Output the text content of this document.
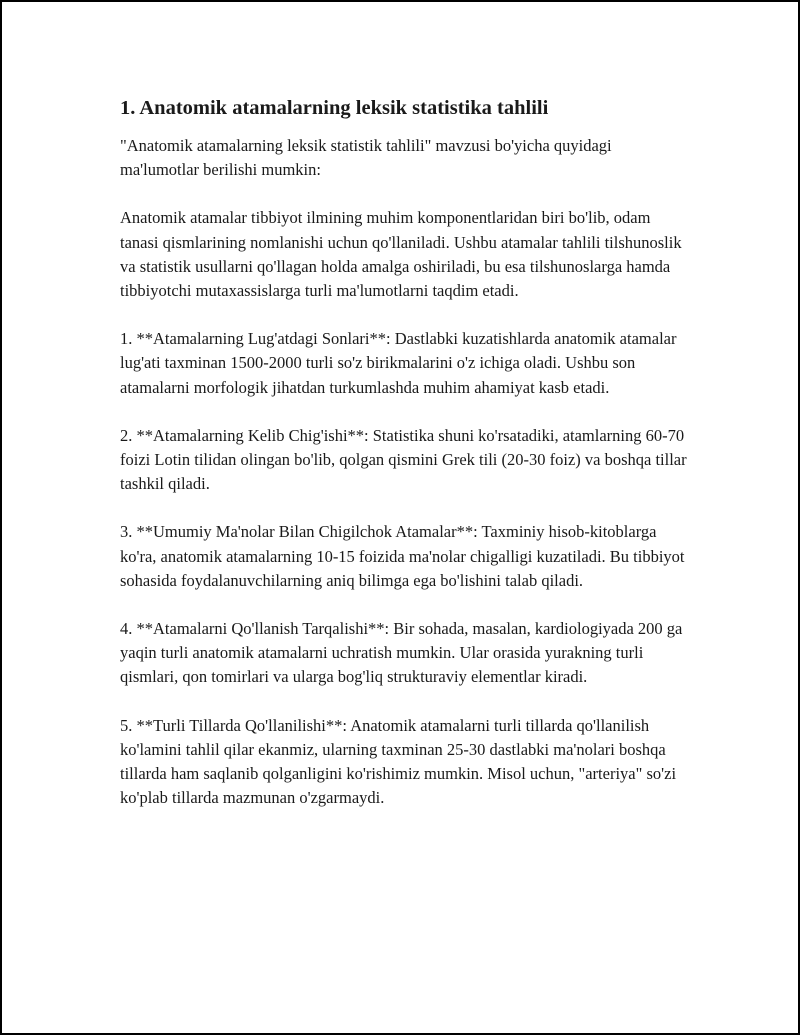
1. Anatomik atamalarning leksik statistika tahlili

"Anatomik atamalarning leksik statistik tahlili" mavzusi bo'yicha quyidagi ma'lumotlar berilishi mumkin:

Anatomik atamalar tibbiyot ilmining muhim komponentlaridan biri bo'lib, odam tanasi qismlarining nomlanishi uchun qo'llaniladi. Ushbu atamalar tahlili tilshunoslik va statistik usullarni qo'llagan holda amalga oshiriladi, bu esa tilshunoslarga hamda tibbiyotchi mutaxassislarga turli ma'lumotlarni taqdim etadi.

1. **Atamalarning Lug'atdagi Sonlari**: Dastlabki kuzatishlarda anatomik atamalar lug'ati taxminan 1500-2000 turli so'z birikmalarini o'z ichiga oladi. Ushbu son atamalarni morfologik jihatdan turkumlashda muhim ahamiyat kasb etadi.

2. **Atamalarning Kelib Chig'ishi**: Statistika shuni ko'rsatadiki, atamlarning 60-70 foizi Lotin tilidan olingan bo'lib, qolgan qismini Grek tili (20-30 foiz) va boshqa tillar tashkil qiladi.

3. **Umumiy Ma'nolar Bilan Chigilchok Atamalar**: Taxminiy hisob-kitoblarga ko'ra, anatomik atamalarning 10-15 foizida ma'nolar chigalligi kuzatiladi. Bu tibbiyot sohasida foydalanuvchilarning aniq bilimga ega bo'lishini talab qiladi.

4. **Atamalarni Qo'llanish Tarqalishi**: Bir sohada, masalan, kardiologiyada 200 ga yaqin turli anatomik atamalarni uchratish mumkin. Ular orasida yurakning turli qismlari, qon tomirlari va ularga bog'liq strukturaviy elementlar kiradi.

5. **Turli Tillarda Qo'llanilishi**: Anatomik atamalarni turli tillarda qo'llanilish ko'lamini tahlil qilar ekanmiz, ularning taxminan 25-30 dastlabki ma'nolari boshqa tillarda ham saqlanib qolganligini ko'rishimiz mumkin. Misol uchun, "arteriya" so'zi ko'plab tillarda mazmunan o'zgarmaydi.
